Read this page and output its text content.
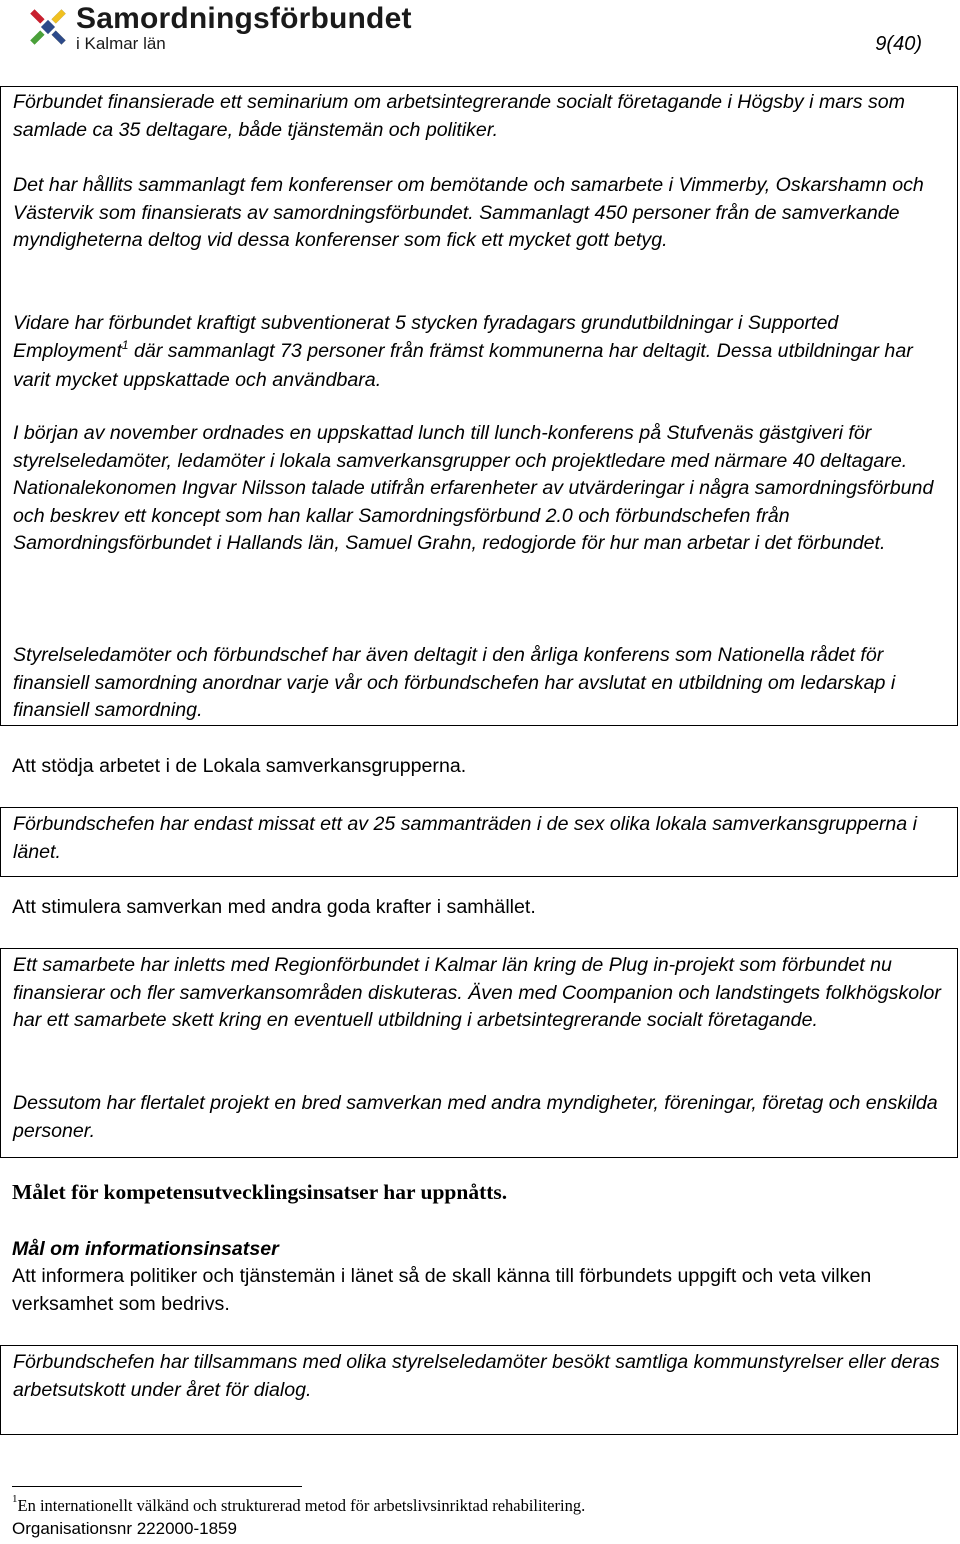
Samordningsförbundet
i Kalmar län	9(40)

Förbundet finansierade ett seminarium om arbetsintegrerande socialt företagande i Högsby i mars som samlade ca 35 deltagare, både tjänstemän och politiker.

Det har hållits sammanlagt fem konferenser om bemötande och samarbete i Vimmerby, Oskarshamn och Västervik som finansierats av samordningsförbundet. Sammanlagt 450 personer från de samverkande myndigheterna deltog vid dessa konferenser som fick ett mycket gott betyg.

Vidare har förbundet kraftigt subventionerat 5 stycken fyradagars grundutbildningar i Supported Employment$^1$ där sammanlagt 73 personer från främst kommunerna har deltagit. Dessa utbildningar har varit mycket uppskattade och användbara.

I början av november ordnades en uppskattad lunch till lunch-konferens på Stufvenäs gästgiveri för styrelseledamöter, ledamöter i lokala samverkansgrupper och projektledare med närmare 40 deltagare. Nationalekonomen Ingvar Nilsson talade utifrån erfarenheter av utvärderingar i några samordningsförbund och beskrev ett koncept som han kallar Samordningsförbund 2.0 och förbundschefen från Samordningsförbundet i Hallands län, Samuel Grahn, redogjorde för hur man arbetar i det förbundet.

Styrelseledamöter och förbundschef har även deltagit i den årliga konferens som Nationella rådet för finansiell samordning anordnar varje vår och förbundschefen har avslutat en utbildning om ledarskap i finansiell samordning.

Att stödja arbetet i de Lokala samverkansgrupperna.

Förbundschefen har endast missat ett av 25 sammanträden i de sex olika lokala samverkansgrupperna i länet.

Att stimulera samverkan med andra goda krafter i samhället.

Ett samarbete har inletts med Regionförbundet i Kalmar län kring de Plug in-projekt som förbundet nu finansierar och fler samverkansområden diskuteras. Även med Coompanion och landstingets folkhögskolor har ett samarbete skett kring en eventuell utbildning i arbetsintegrerande socialt företagande.

Dessutom har flertalet projekt en bred samverkan med andra myndigheter, föreningar, företag och enskilda personer.

Målet för kompetensutvecklingsinsatser har uppnåtts.

Mål om informationsinsatser

Att informera politiker och tjänstemän i länet så de skall känna till förbundets uppgift och veta vilken verksamhet som bedrivs.

Förbundschefen har tillsammans med olika styrelseledamöter besökt samtliga kommunstyrelser eller deras arbetsutskott under året för dialog.

$^1$En internationellt välkänd och strukturerad metod för arbetslivsinriktad rehabilitering.
Organisationsnr 222000-1859
